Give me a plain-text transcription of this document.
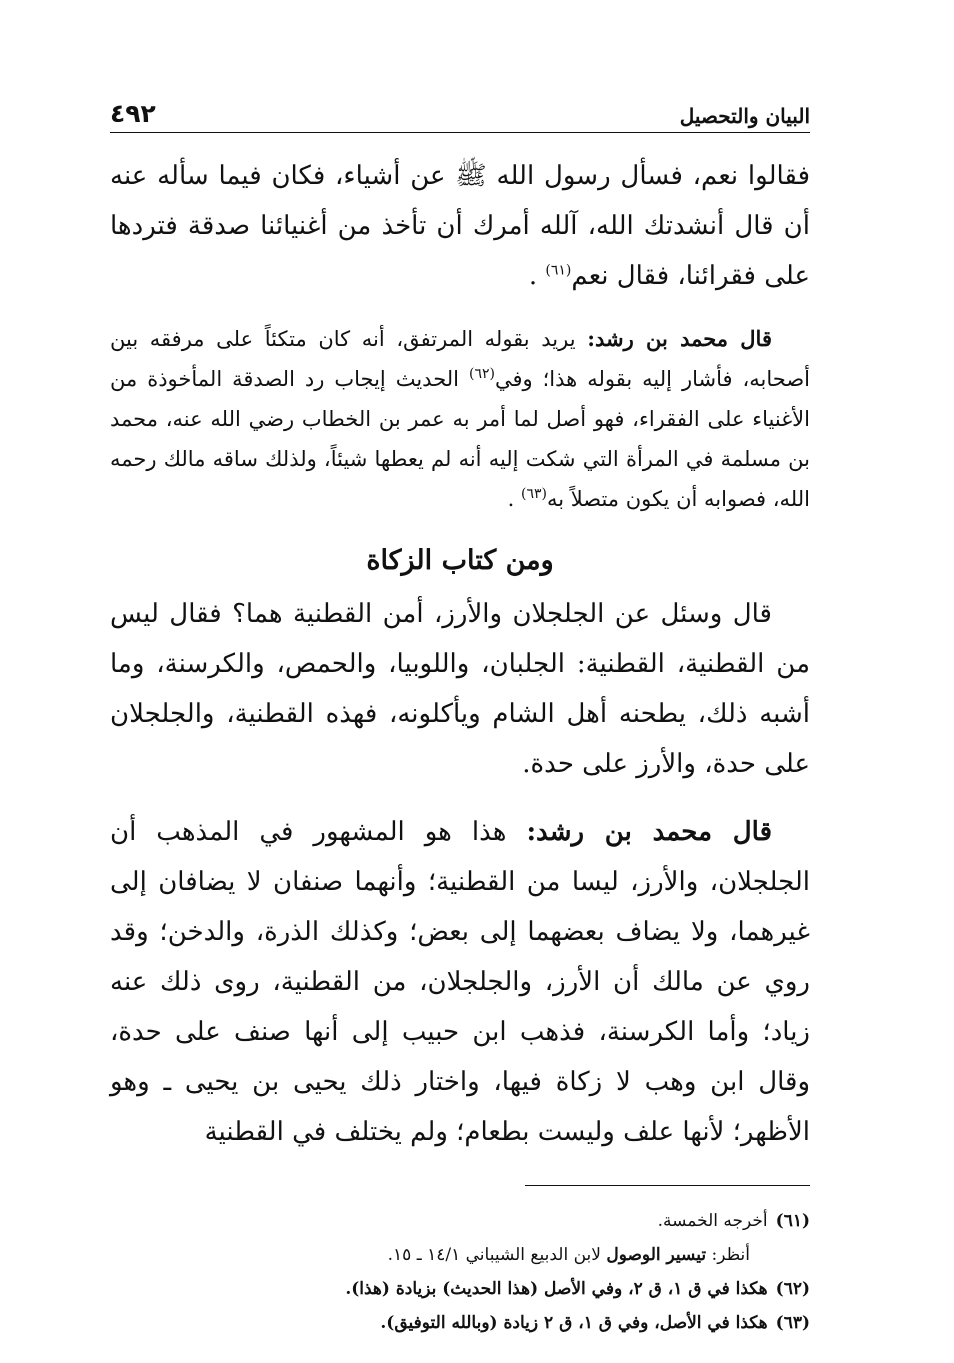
البيان والتحصيل
٤٩٢

فقالوا نعم، فسأل رسول الله ﷺ عن أشياء، فكان فيما سأله عنه أن قال أنشدتك الله، آلله أمرك أن تأخذ من أغنيائنا صدقة فتردها على فقرائنا، فقال نعم$^{(٦١)}$ .

قال محمد بن رشد: يريد بقوله المرتفق، أنه كان متكئاً على مرفقه بين أصحابه، فأشار إليه بقوله هذا؛ وفي$^{(٦٢)}$ الحديث إيجاب رد الصدقة المأخوذة من الأغنياء على الفقراء، فهو أصل لما أمر به عمر بن الخطاب رضي الله عنه، محمد بن مسلمة في المرأة التي شكت إليه أنه لم يعطها شيئاً، ولذلك ساقه مالك رحمه الله، فصوابه أن يكون متصلاً به$^{(٦٣)}$ .

ومن كتاب الزكاة

قال وسئل عن الجلجلان والأرز، أمن القطنية هما؟ فقال ليس من القطنية، القطنية: الجلبان، واللوبيا، والحمص، والكرسنة، وما أشبه ذلك، يطحنه أهل الشام ويأكلونه، فهذه القطنية، والجلجلان على حدة، والأرز على حدة.

قال محمد بن رشد: هذا هو المشهور في المذهب أن الجلجلان، والأرز، ليسا من القطنية؛ وأنهما صنفان لا يضافان إلى غيرهما، ولا يضاف بعضهما إلى بعض؛ وكذلك الذرة، والدخن؛ وقد روي عن مالك أن الأرز، والجلجلان، من القطنية، روى ذلك عنه زياد؛ وأما الكرسنة، فذهب ابن حبيب إلى أنها صنف على حدة، وقال ابن وهب لا زكاة فيها، واختار ذلك يحيى بن يحيى ـ وهو الأظهر؛ لأنها علف وليست بطعام؛ ولم يختلف في القطنية

(٦١)أخرجه الخمسة.

أنظر: تيسير الوصول لابن الدبيع الشيباني ١٤/١ ـ ١٥.

(٦٢)هكذا في ق ١، ق ٢، وفي الأصل (هذا الحديث) بزيادة (هذا).

(٦٣)هكذا في الأصل، وفي ق ١، ق ٢ زيادة (وبالله التوفيق).
